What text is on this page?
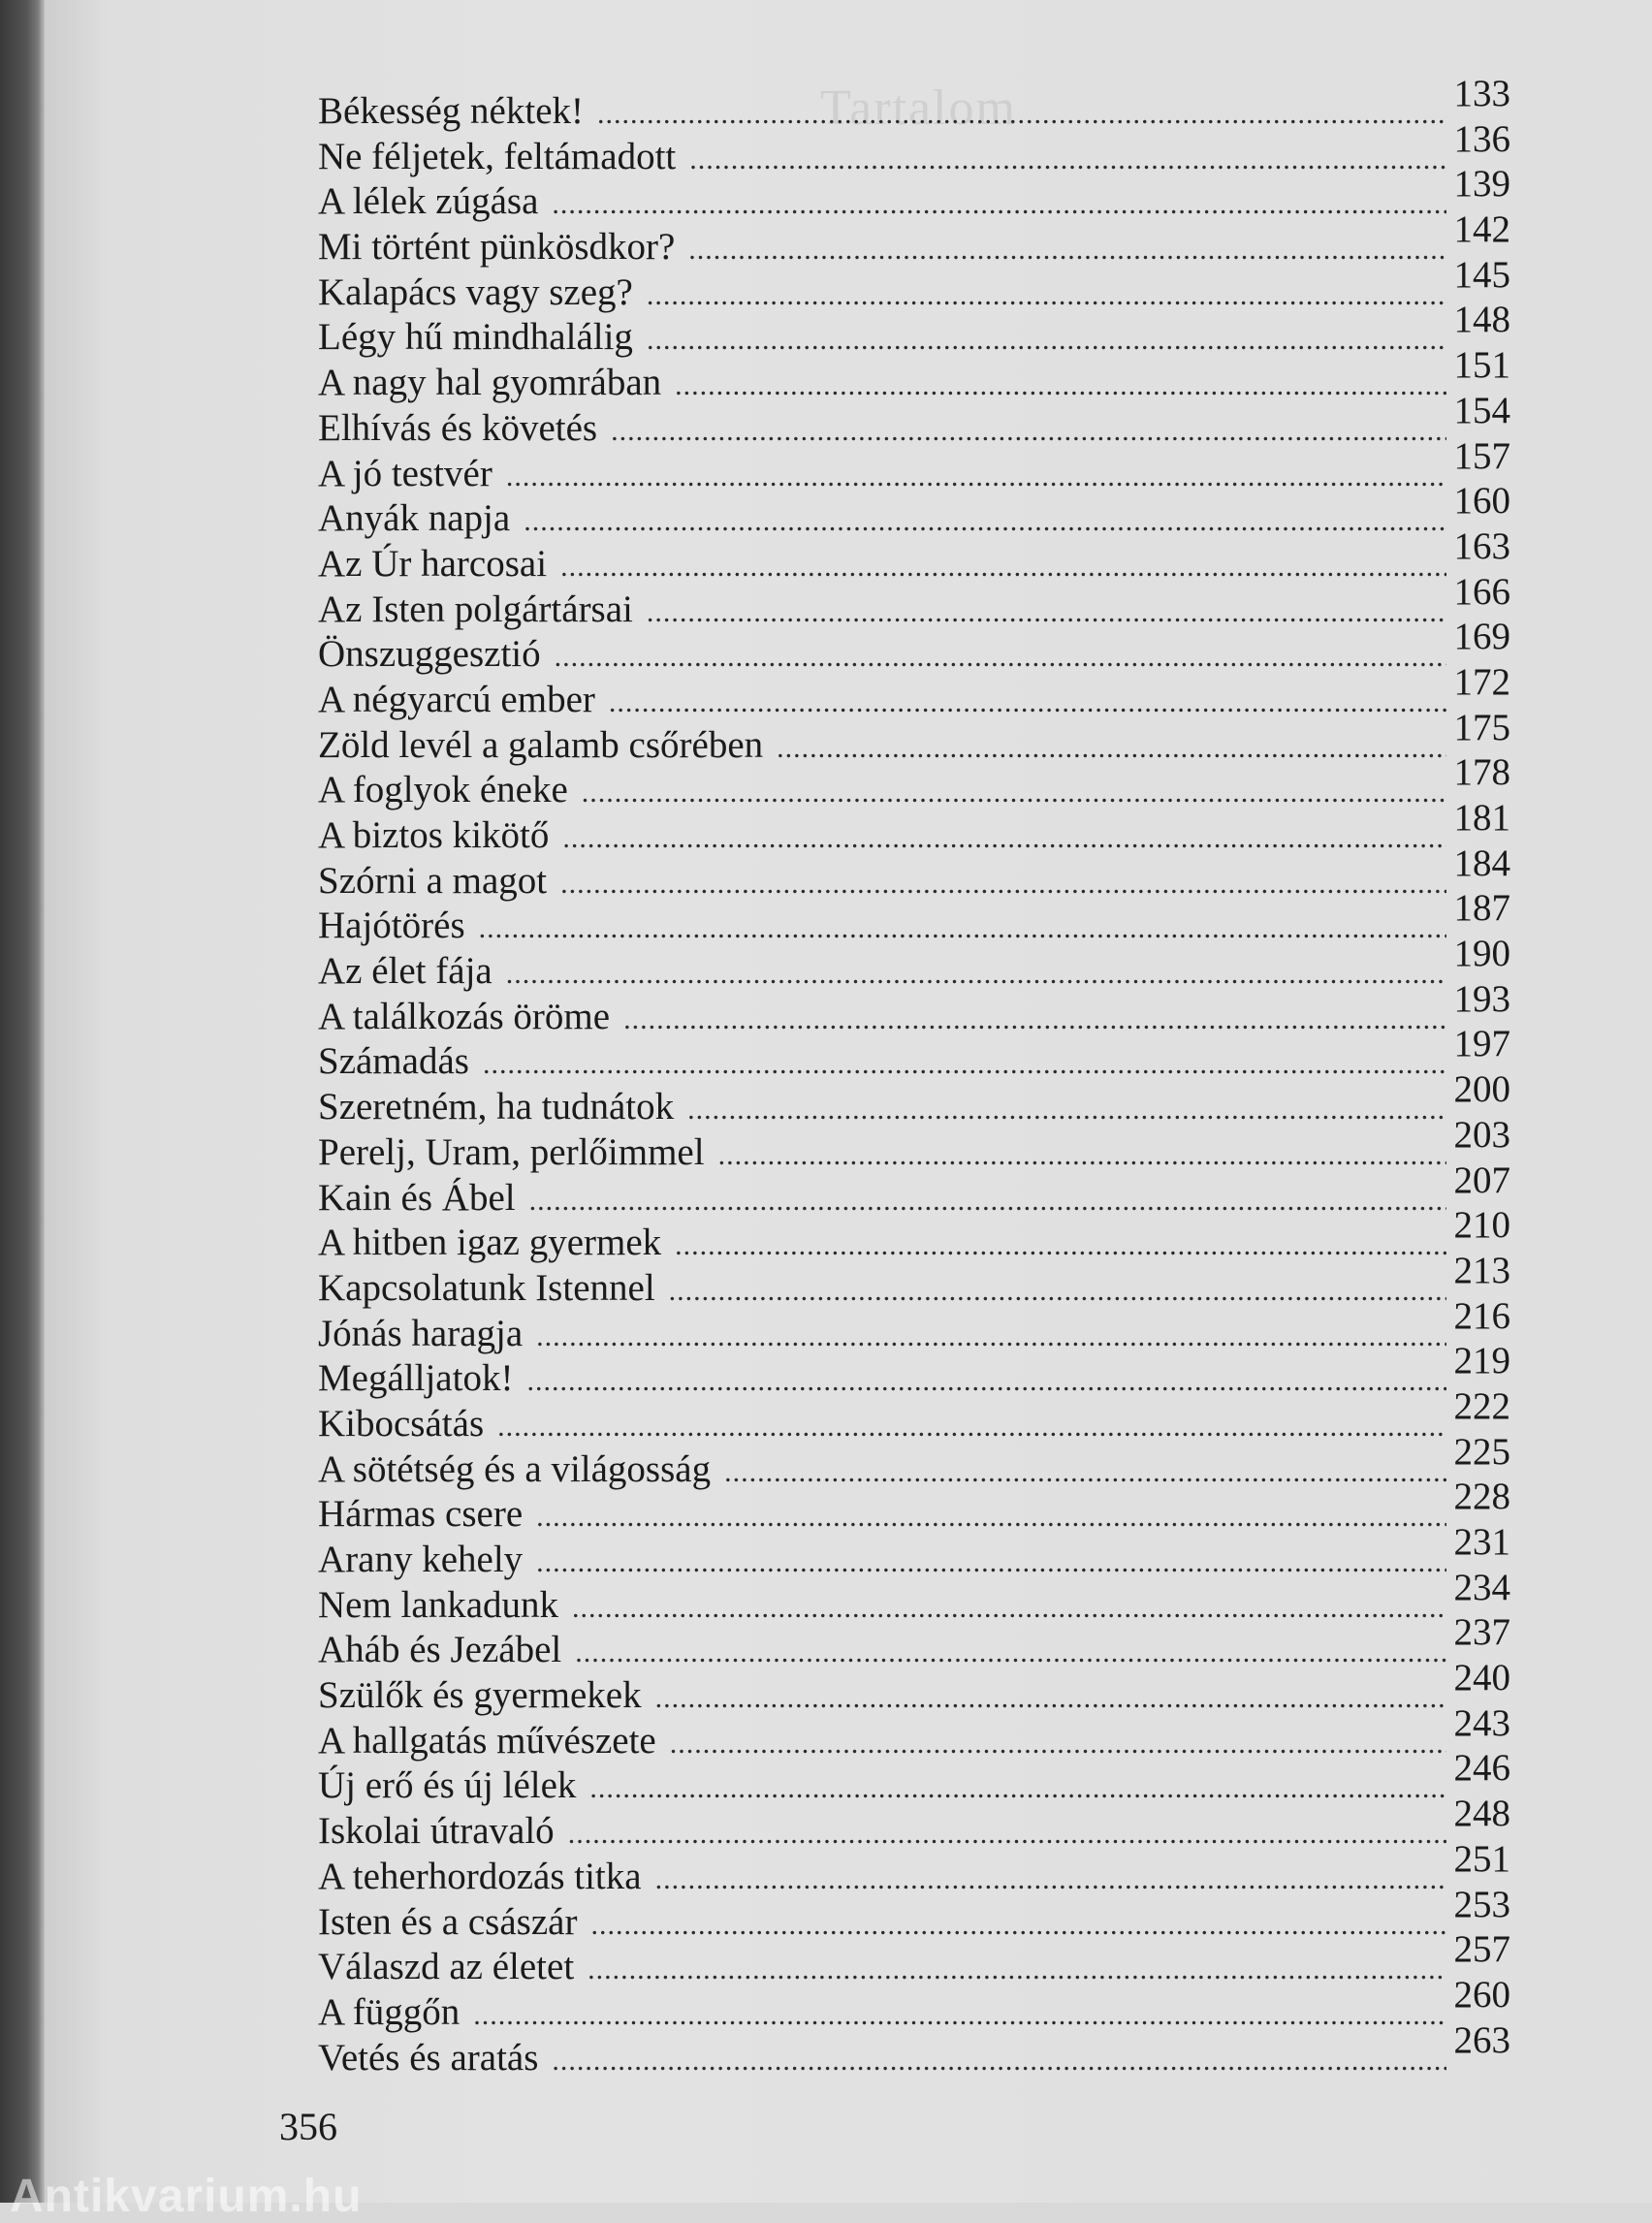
Tartalom
Békesség néktek! .....	133
Ne féljetek, feltámadott .....	136
A lélek zúgása .....	139
Mi történt pünkösdkor? .....	142
Kalapács vagy szeg? .....	145
Légy hű mindhalálig .....	148
A nagy hal gyomrában .....	151
Elhívás és követés .....	154
A jó testvér .....	157
Anyák napja .....	160
Az Úr harcosai .....	163
Az Isten polgártársai .....	166
Önszuggesztió .....	169
A négyarcú ember .....	172
Zöld levél a galamb csőrében .....	175
A foglyok éneke .....	178
A biztos kikötő .....	181
Szórni a magot .....	184
Hajótörés .....	187
Az élet fája .....	190
A találkozás öröme .....	193
Számadás .....	197
Szeretném, ha tudnátok .....	200
Perelj, Uram, perlőimmel .....	203
Kain és Ábel .....	207
A hitben igaz gyermek .....	210
Kapcsolatunk Istennel .....	213
Jónás haragja .....	216
Megálljatok! .....	219
Kibocsátás .....	222
A sötétség és a világosság .....	225
Hármas csere .....	228
Arany kehely .....	231
Nem lankadunk .....	234
Aháb és Jezábel .....	237
Szülők és gyermekek .....	240
A hallgatás művészete .....	243
Új erő és új lélek .....	246
Iskolai útravaló .....	248
A teherhordozás titka .....	251
Isten és a császár .....	253
Válaszd az életet .....	257
A függőn .....	260
Vetés és aratás .....	263
356
Antikvarium.hu
